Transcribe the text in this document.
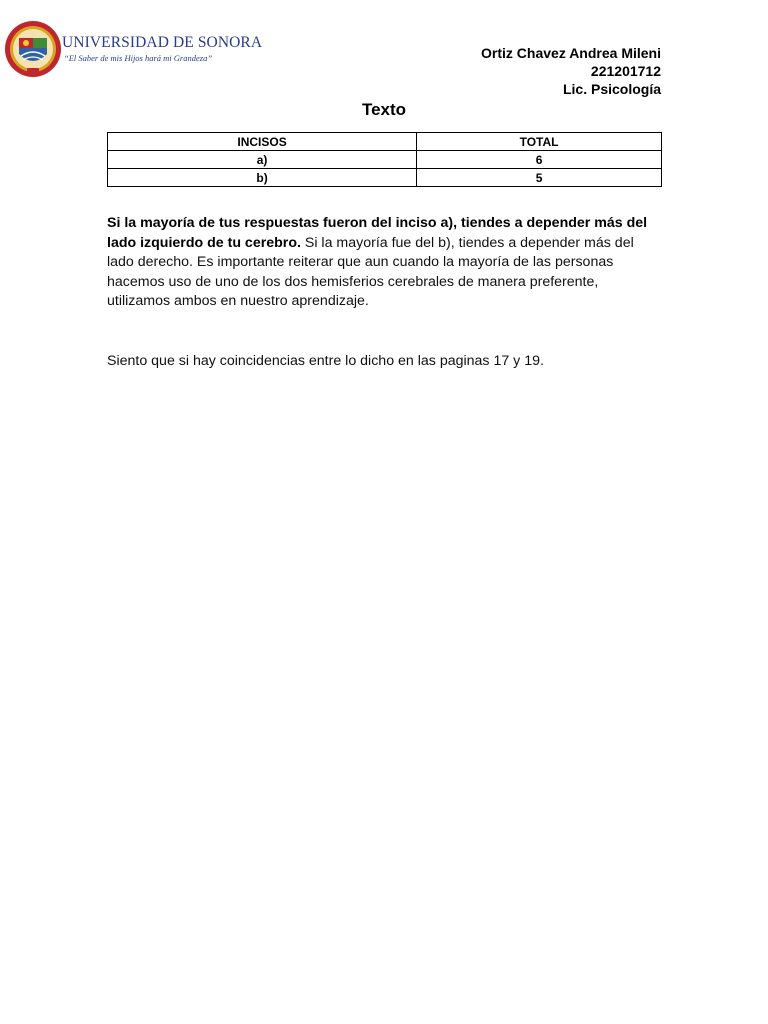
UNIVERSIDAD DE SONORA
“El Saber de mis Hijos hará mi Grandeza”	Ortiz Chavez Andrea Mileni
221201712
Lic. Psicología
Texto
INCISOS	TOTAL
a)	6
b)	5
Si la mayoría de tus respuestas fueron del inciso a), tiendes a depender más del lado izquierdo de tu cerebro. Si la mayoría fue del b), tiendes a depender más del lado derecho. Es importante reiterar que aun cuando la mayoría de las personas hacemos uso de uno de los dos hemisferios cerebrales de manera preferente, utilizamos ambos en nuestro aprendizaje.
Siento que si hay coincidencias entre lo dicho en las paginas 17 y 19.
